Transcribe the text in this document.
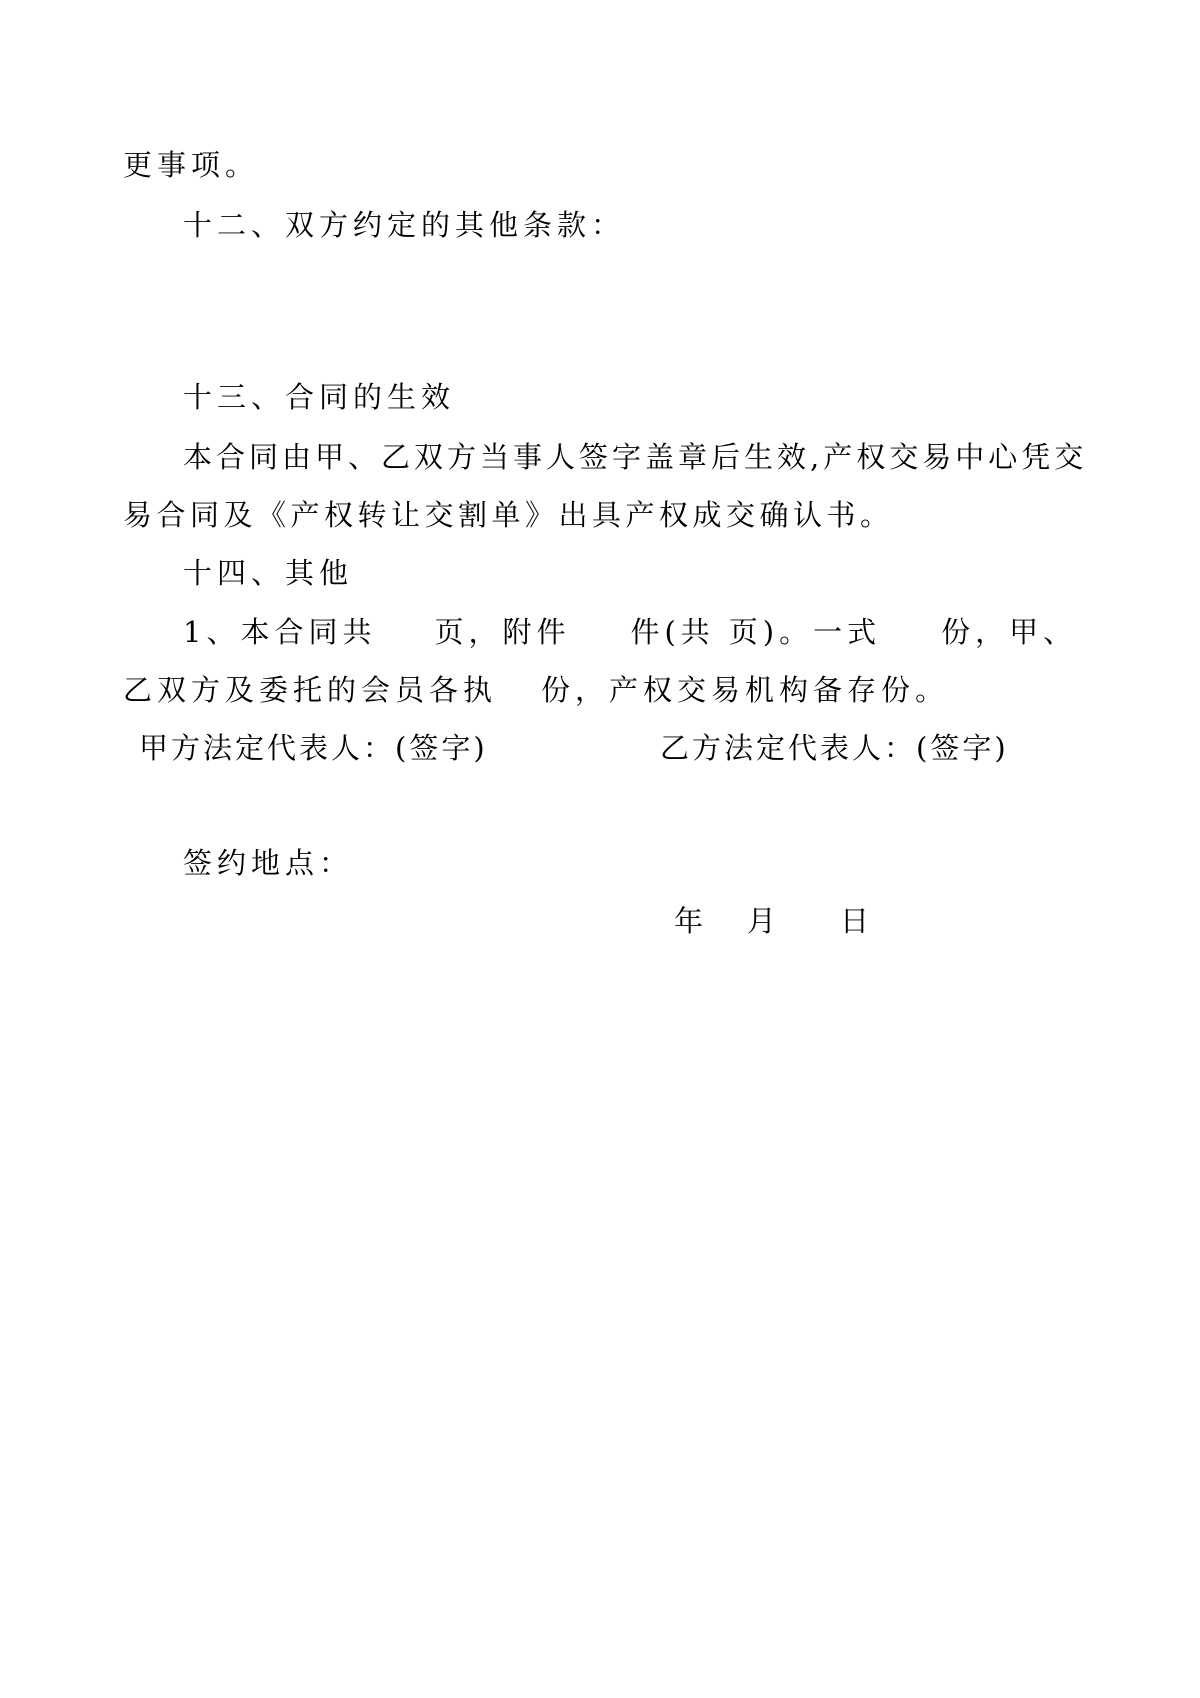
更事项。
十二、双方约定的其他条款：
十三、合同的生效
本合同由甲、乙双方当事人签字盖章后生效,产权交易中心凭交
易合同及《产权转让交割单》出具产权成交确认书。
十四、其他
1、本合同共 页，附件 件(共 页)。一式 份，甲、
乙双方及委托的会员各执 份，产权交易机构备存份。
甲方法定代表人：(签字)	乙方法定代表人：(签字)
签约地点：
年 月 日
